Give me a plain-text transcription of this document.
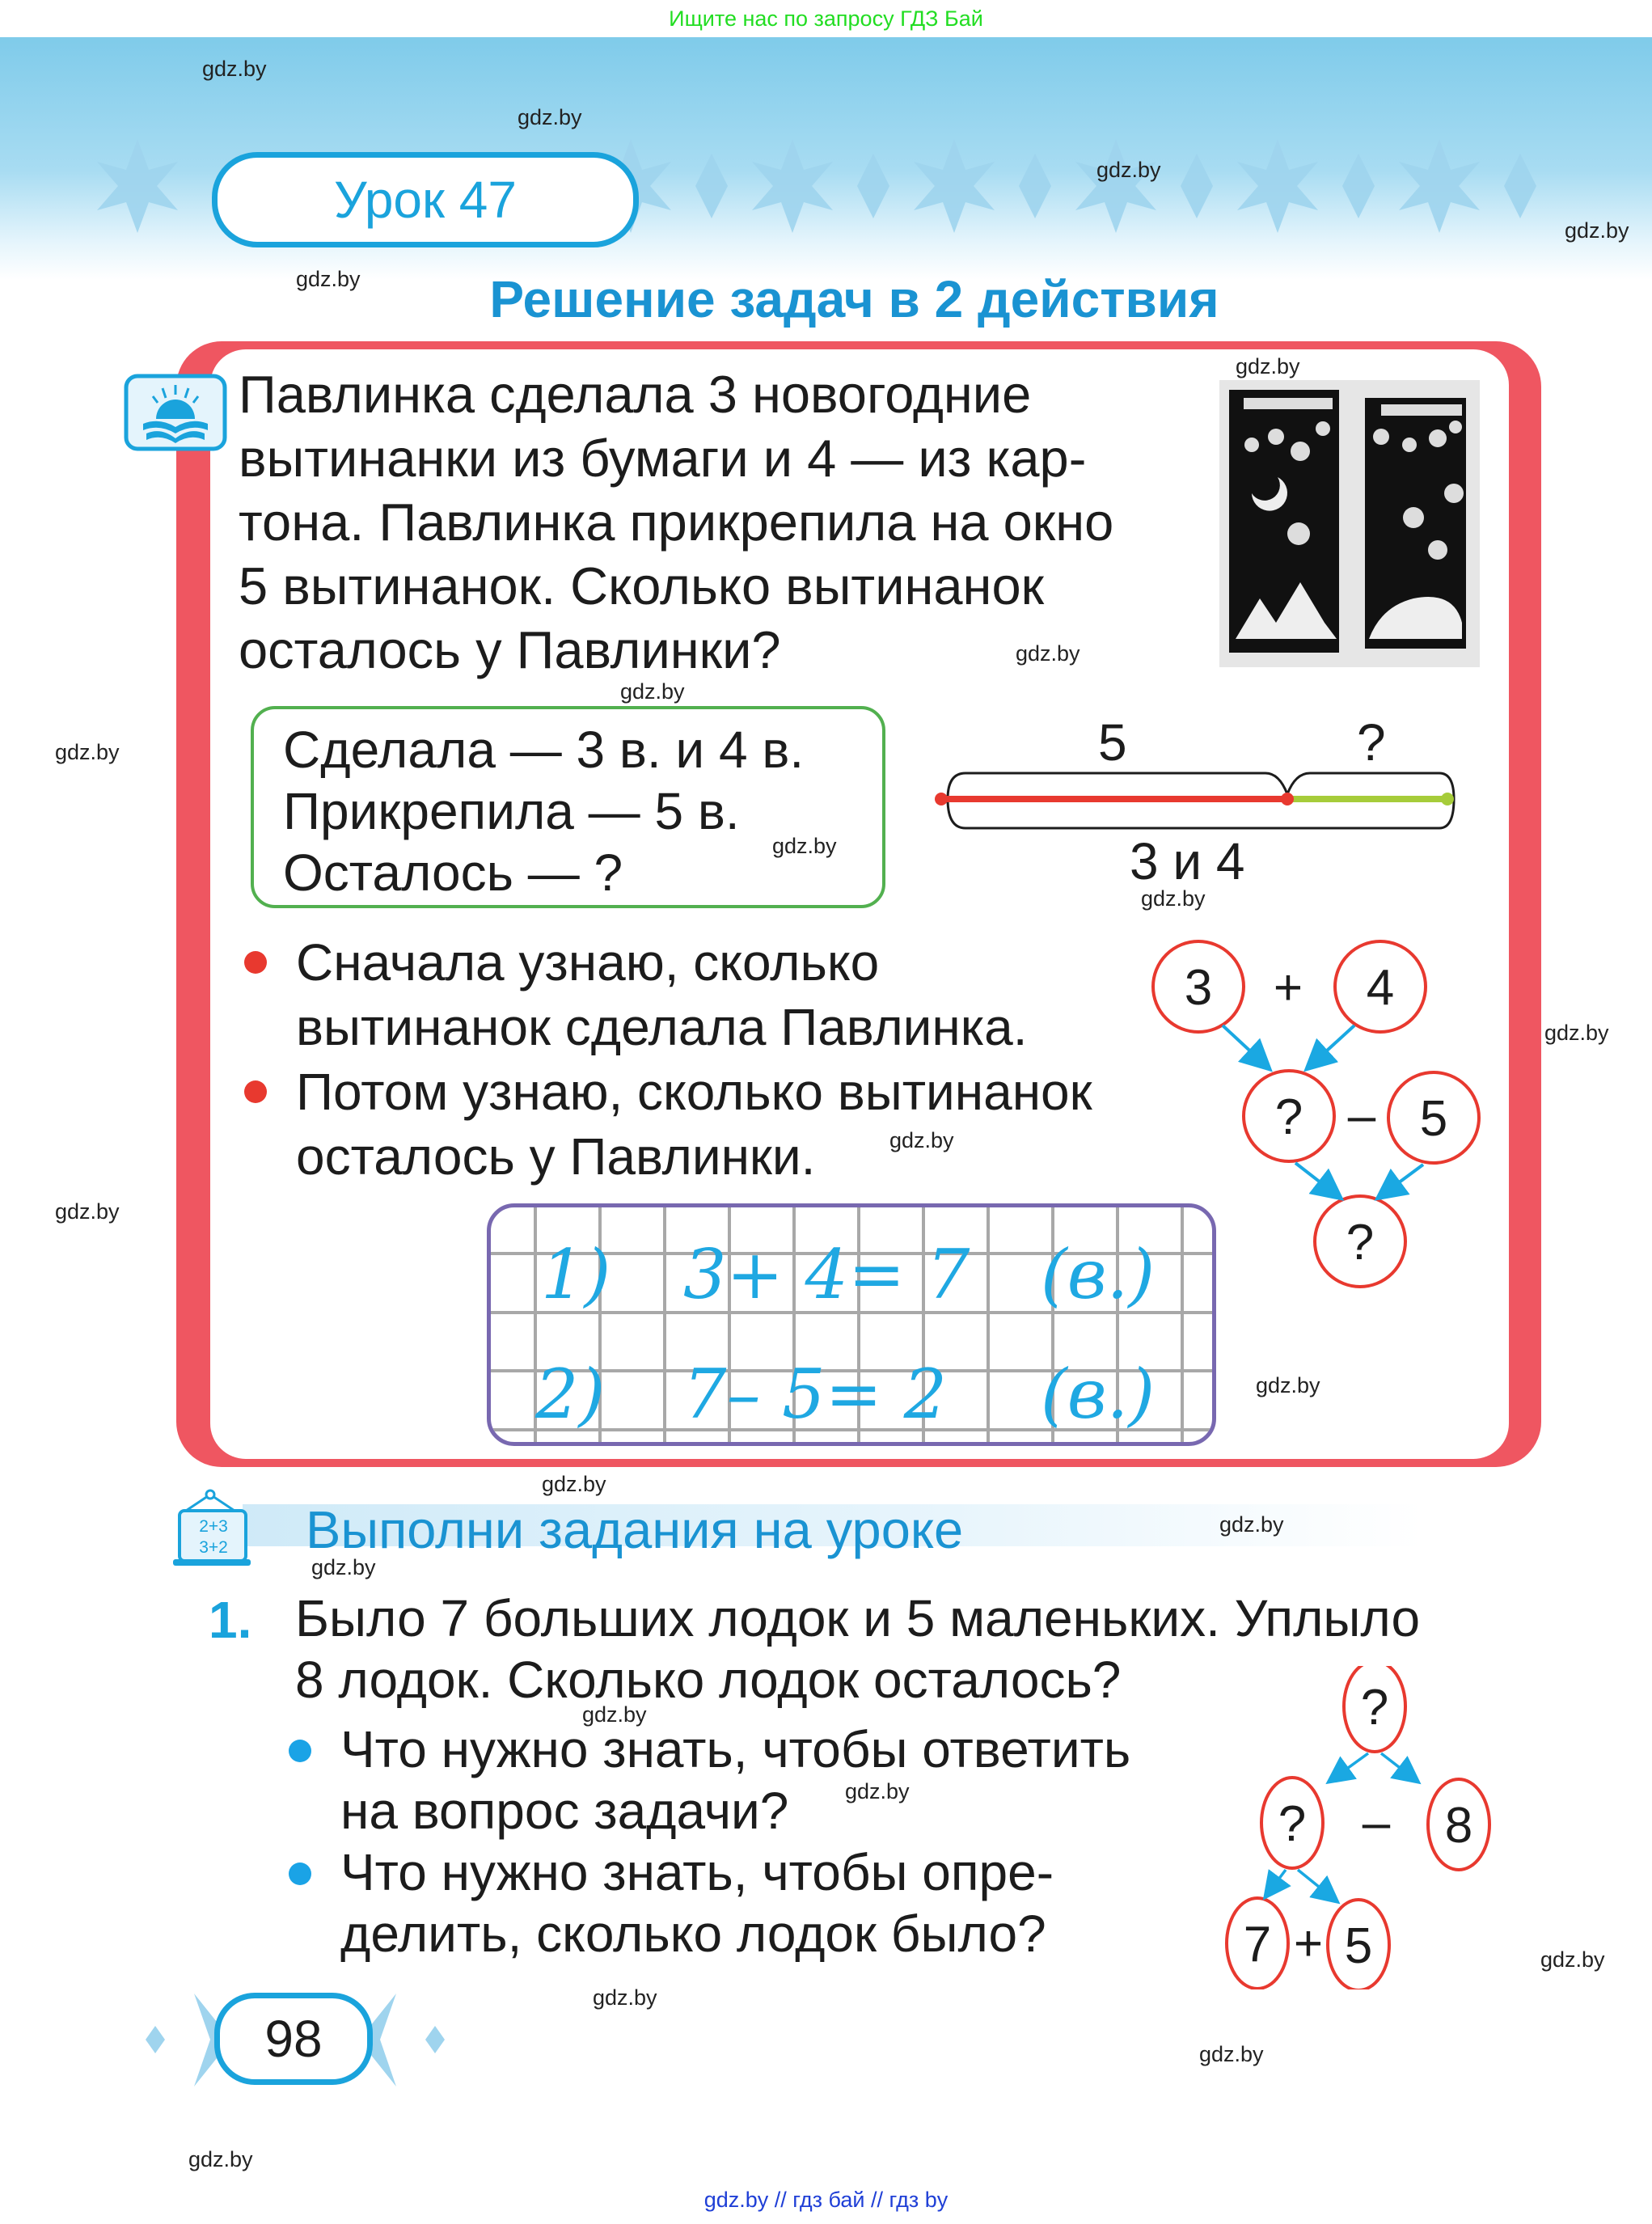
Ищите нас по запросу ГДЗ Бай
Урок 47
Решение задач в 2 действия
gdz.by
gdz.by
gdz.by
gdz.by
gdz.by
Павлинка сделала 3 новогодние
вытинанки из бумаги и 4 — из кар-
тона. Павлинка прикрепила на окно
5 вытинанок. Сколько вытинанок
осталось у Павлинки?
gdz.by
gdz.by
gdz.by
Сделала — 3 в. и 4 в.
Прикрепила — 5 в.
Осталось — ?	gdz.by
5	?
3 и 4
gdz.by
Сначала узнаю, сколько
вытинанок сделала Павлинка.
Потом узнаю, сколько вытинанок
осталось у Павлинки.	gdz.by
3 + 4
? – 5
?
gdz.by
1) 3+ 4= 7 (в.)
2) 7– 5= 2 (в.)	gdz.by
gdz.by
2+3
3+2 Выполни задания на уроке	gdz.by
gdz.by
1. Было 7 больших лодок и 5 маленьких. Уплыло
8 лодок. Сколько лодок осталось?
gdz.by
Что нужно знать, чтобы ответить
на вопрос задачи?
Что нужно знать, чтобы опре-
делить, сколько лодок было?
gdz.by
?
? – 8
7 + 5	gdz.by
98
gdz.by
gdz.by
gdz.by
gdz.by
gdz.by
gdz.by // гдз бай // гдз by
